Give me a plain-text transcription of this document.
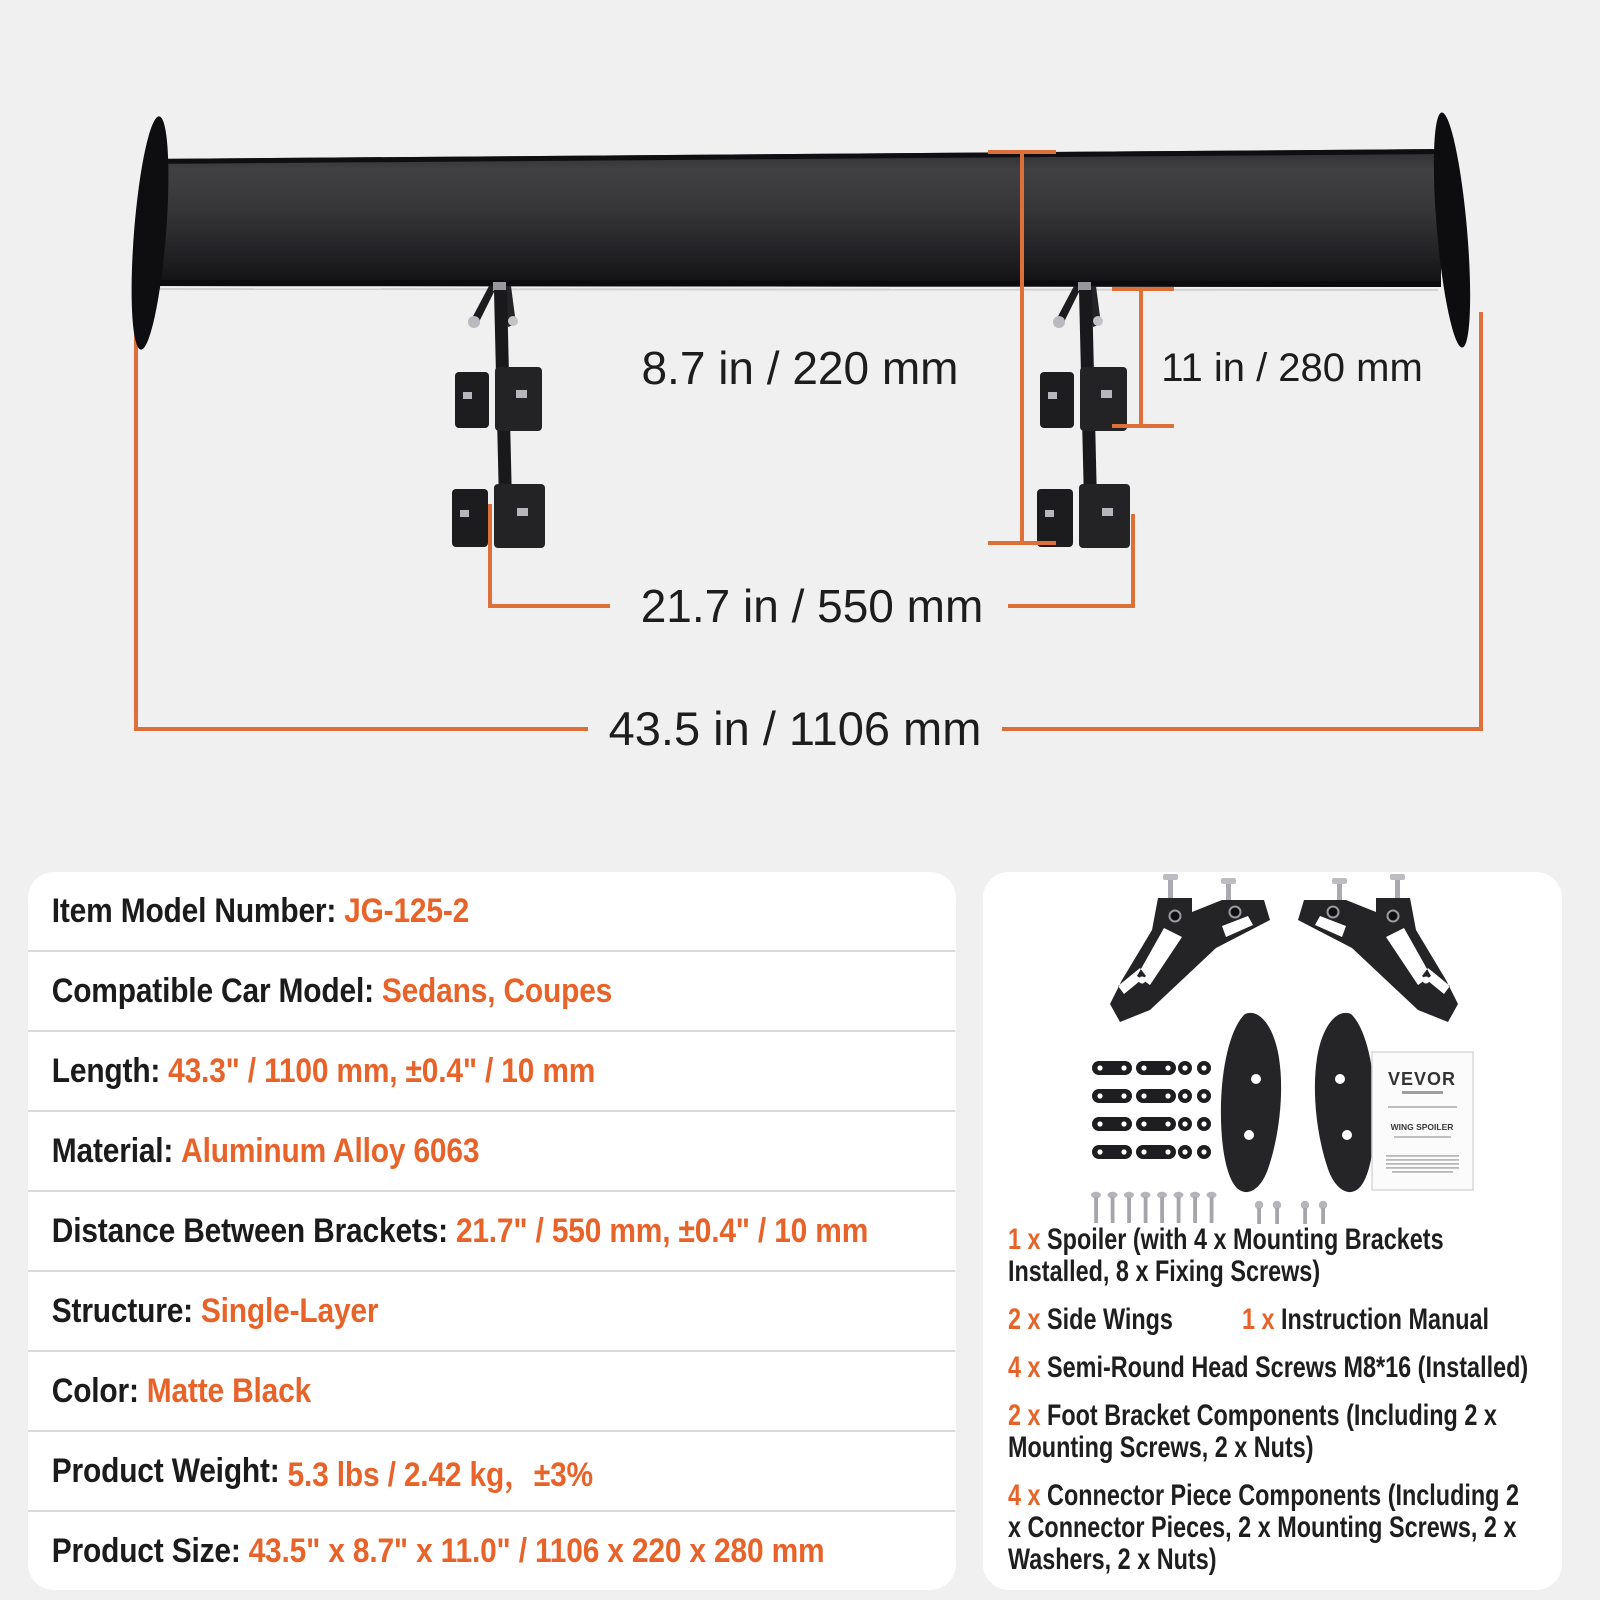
8.7 in / 220 mm	11 in / 280 mm
21.7 in / 550 mm
43.5 in / 1106 mm
Item Model Number: JG-125-2
Compatible Car Model: Sedans, Coupes
Length: 43.3" / 1100 mm, ±0.4" / 10 mm
Material: Aluminum Alloy 6063
Distance Between Brackets: 21.7" / 550 mm, ±0.4" / 10 mm
Structure: Single-Layer
Color: Matte Black
Product Weight: 5.3 lbs / 2.42 kg，±3%
Product Size: 43.5" x 8.7" x 11.0" / 1106 x 220 x 280 mm
VEVOR
WING SPOILER
1 x Spoiler (with 4 x Mounting Brackets Installed, 8 x Fixing Screws)
2 x Side Wings	1 x Instruction Manual
4 x Semi-Round Head Screws M8*16 (Installed)
2 x Foot Bracket Components (Including 2 x Mounting Screws, 2 x Nuts)
4 x Connector Piece Components (Including 2 x Connector Pieces, 2 x Mounting Screws, 2 x Washers, 2 x Nuts)
